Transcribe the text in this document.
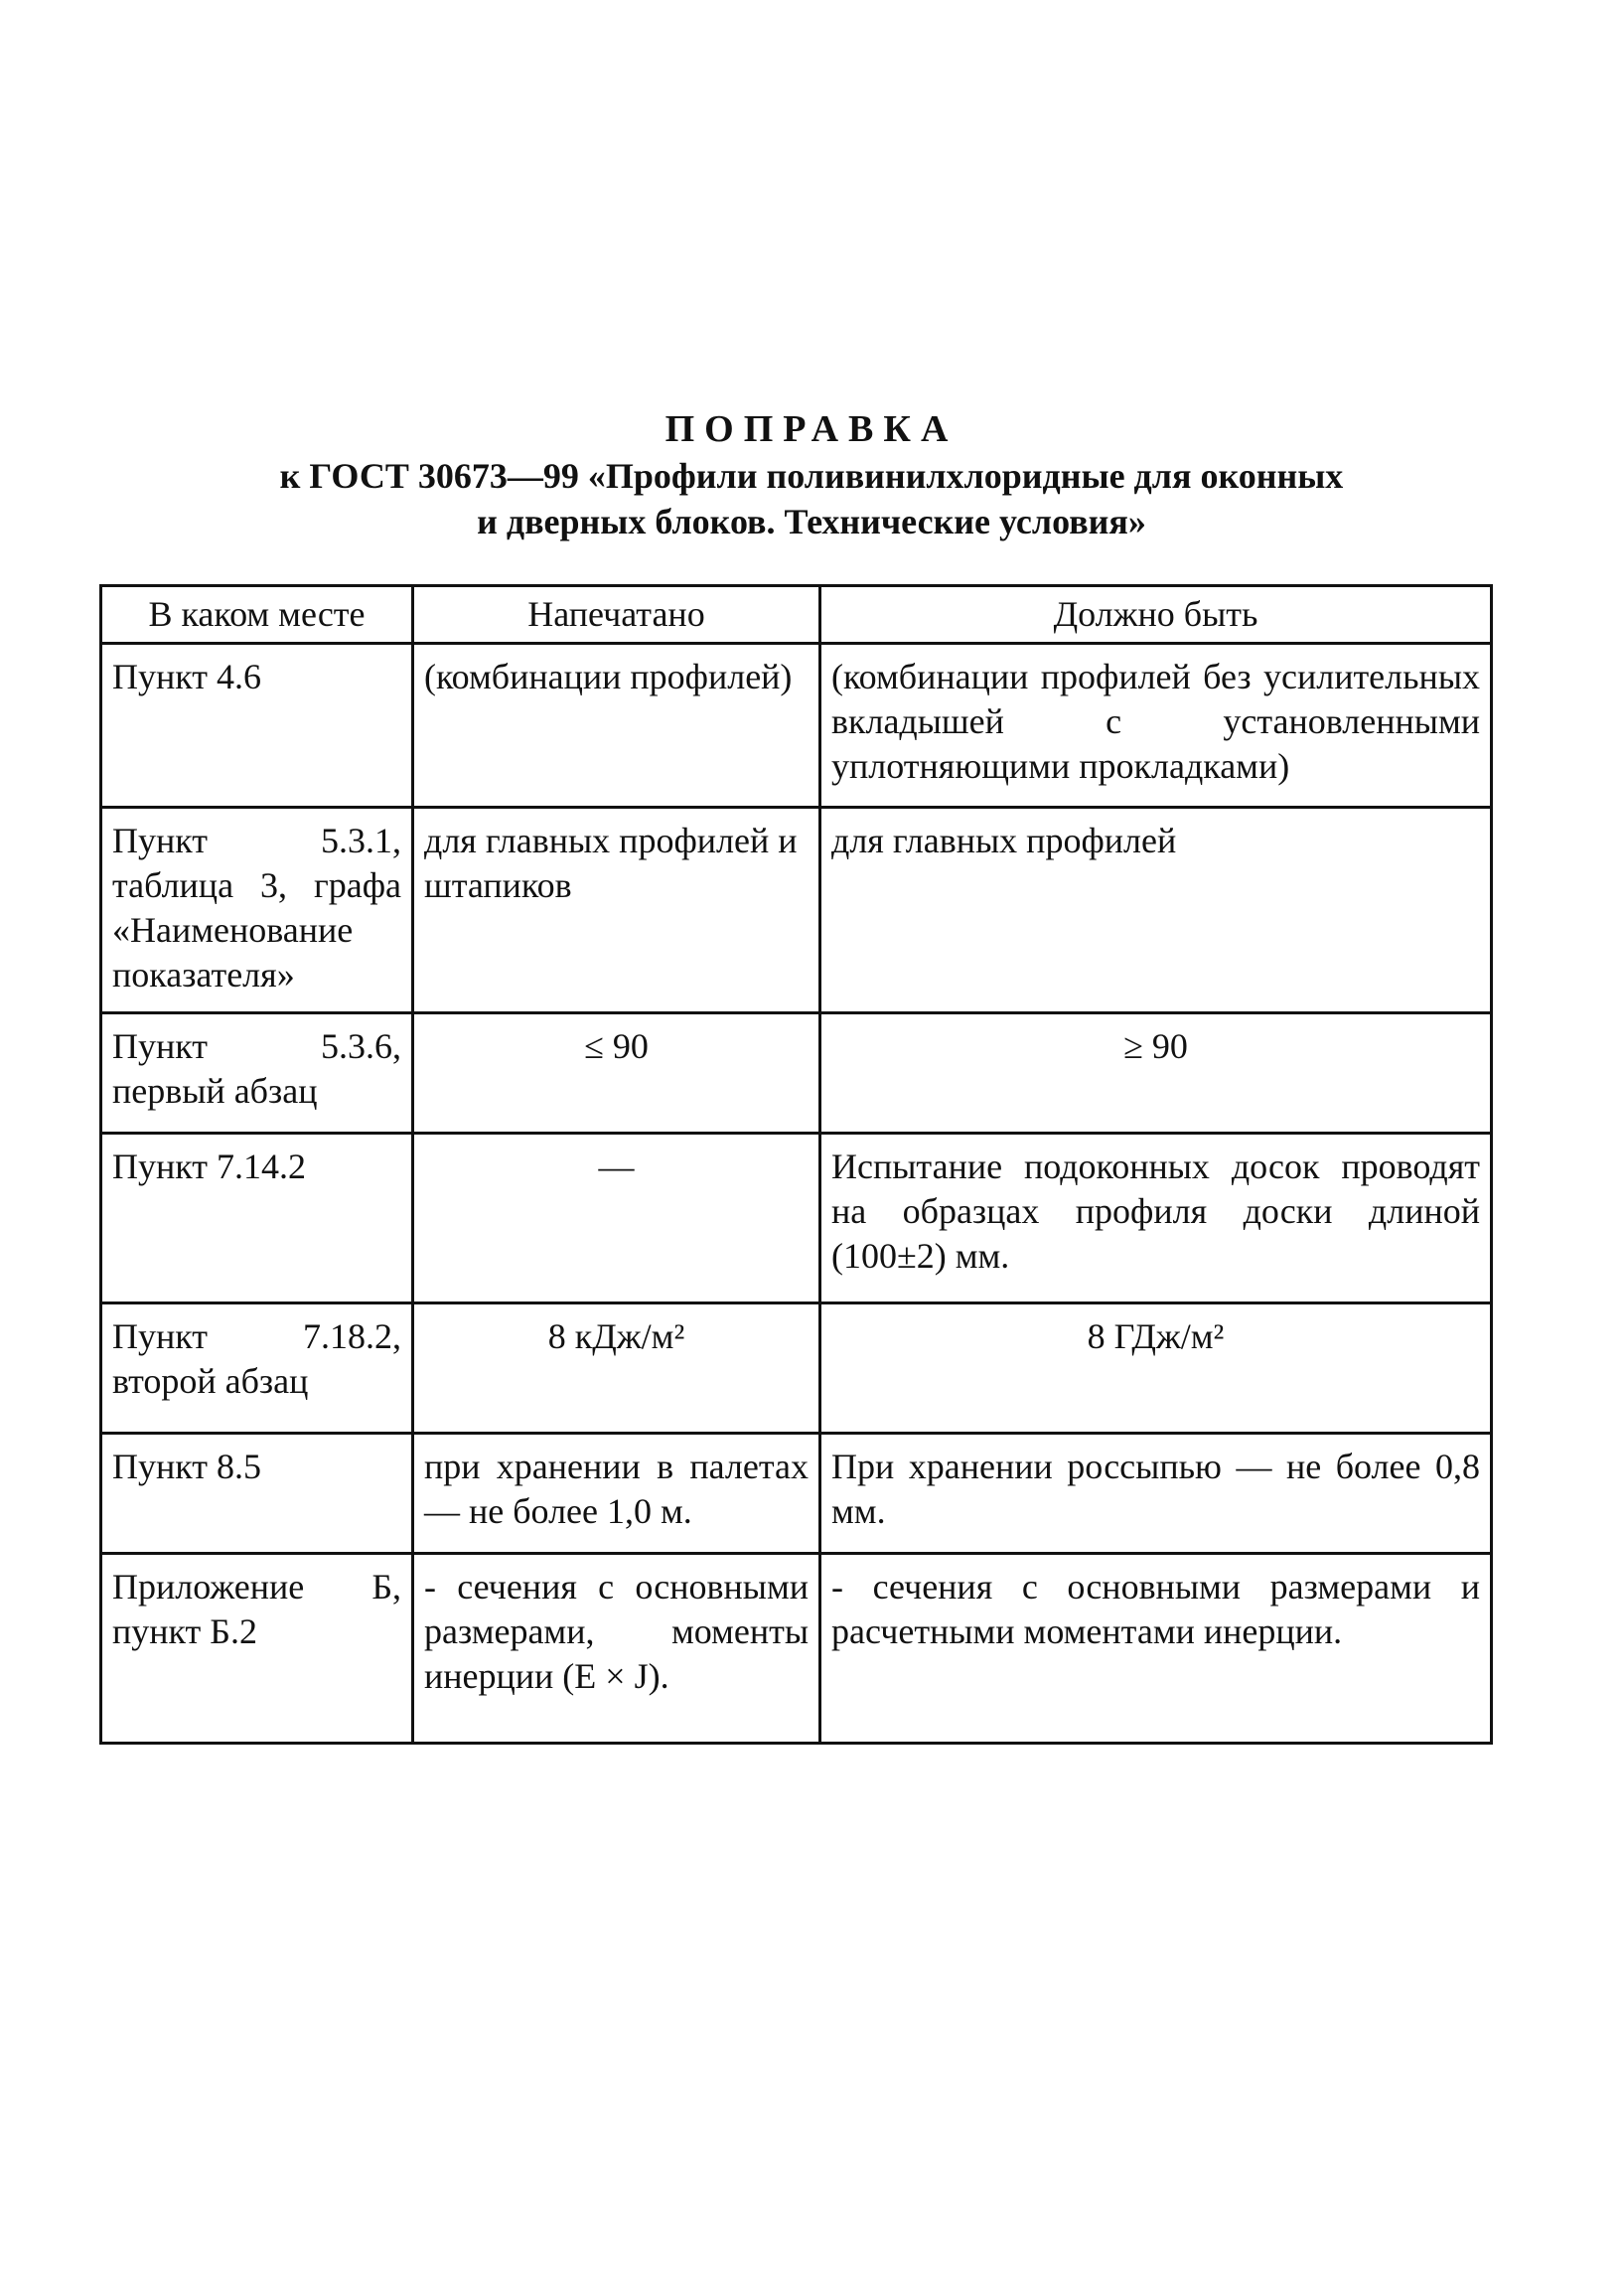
ПОПРАВКА

к ГОСТ 30673—99 «Профили поливинилхлоридные для оконных

и дверных блоков. Технические условия»

В каком месте	Напечатано	Должно быть
Пункт 4.6	(комбинации профилей)	(комбинации профилей без усилительных вкладышей с установленными уплотняющими прокладками)
Пункт 5.3.1, таблица 3, графа «Наименование показателя»	для главных профилей и штапиков	для главных профилей
Пункт 5.3.6, первый абзац	≤ 90	≥ 90
Пункт 7.14.2	—	Испытание подоконных досок проводят на образцах профиля доски длиной (100±2) мм.
Пункт 7.18.2, второй абзац	8 кДж/м²	8 ГДж/м²
Пункт 8.5	при хранении в палетах — не более 1,0 м.	При хранении россыпью — не более 0,8 мм.
Приложение Б, пункт Б.2	- сечения с основными размерами, моменты инерции (E × J).	- сечения с основными размерами и расчетными моментами инерции.
